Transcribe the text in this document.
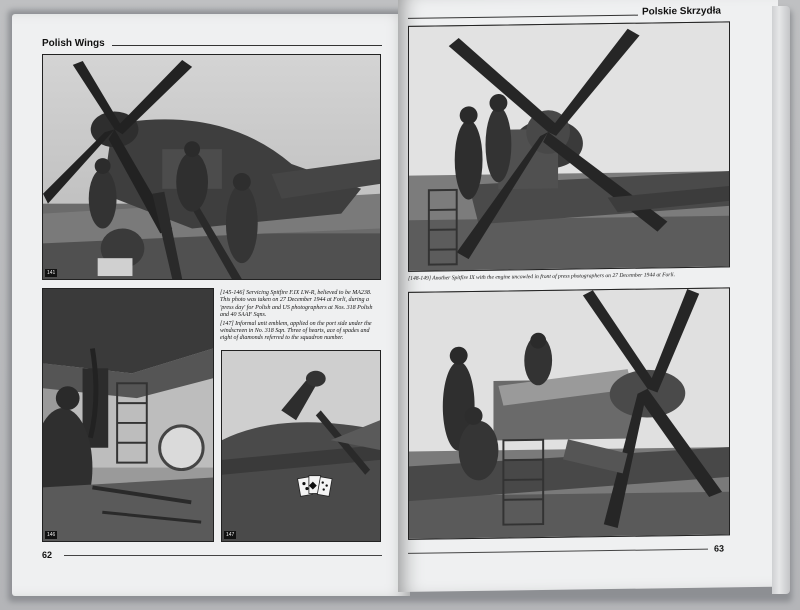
Polish Wings
141
146	147

[145-146] Servicing Spitfire F.IX LW-R, believed to be MA238. This photo was taken on 27 December 1944 at Forli, during a 'press day' for Polish and US photographers at Nos. 318 Polish and 40 SAAF Sqns.

[147] Informal unit emblem, applied on the port side under the windscreen in No. 318 Sqn. Three of hearts, ace of spades and eight of diamonds referred to the squadron number.

62
Polskie Skrzydła
[148-149] Another Spitfire IX with the engine uncowled in front of press photographers on 27 December 1944 at Forli.
63
